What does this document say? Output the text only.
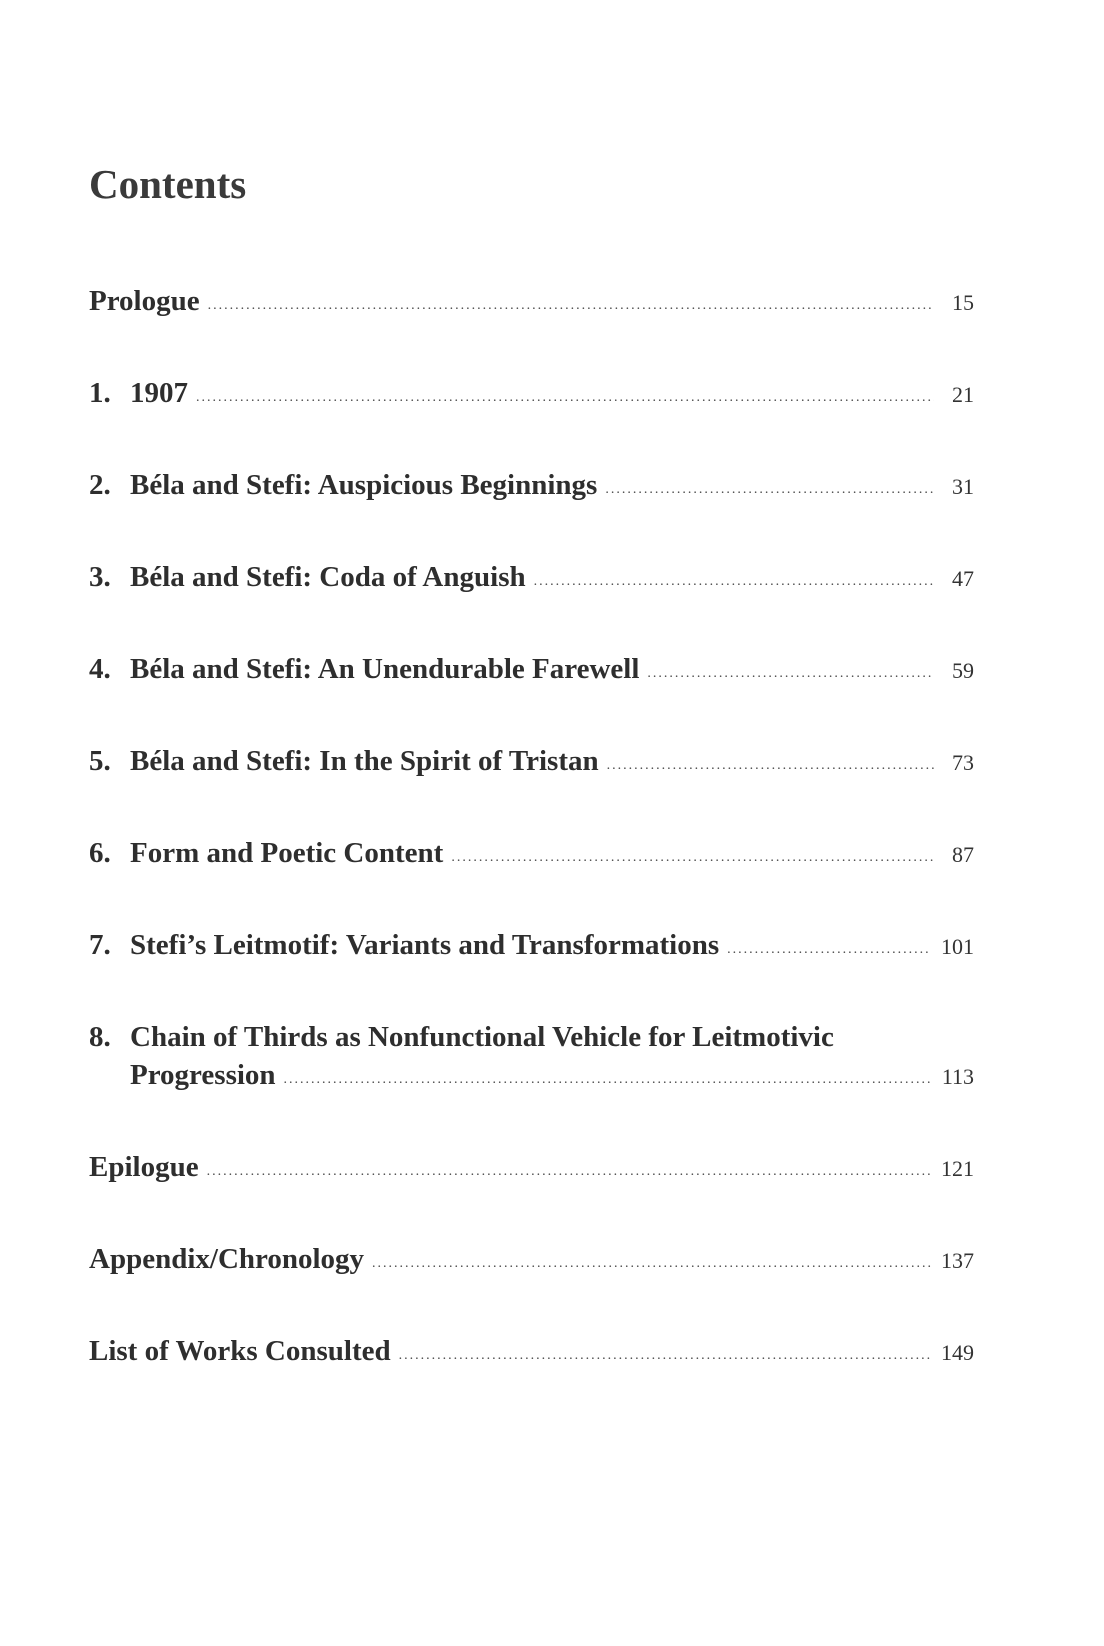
Contents
Prologue .....	15
1. 1907 .....	21
2. Béla and Stefi: Auspicious Beginnings .....	31
3. Béla and Stefi: Coda of Anguish .....	47
4. Béla and Stefi: An Unendurable Farewell .....	59
5. Béla and Stefi: In the Spirit of Tristan .....	73
6. Form and Poetic Content .....	87
7. Stefi’s Leitmotif: Variants and Transformations .....	101
8. Chain of Thirds as Nonfunctional Vehicle for Leitmotivic
Progression .....	113
Epilogue .....	121
Appendix/Chronology .....	137
List of Works Consulted .....	149
